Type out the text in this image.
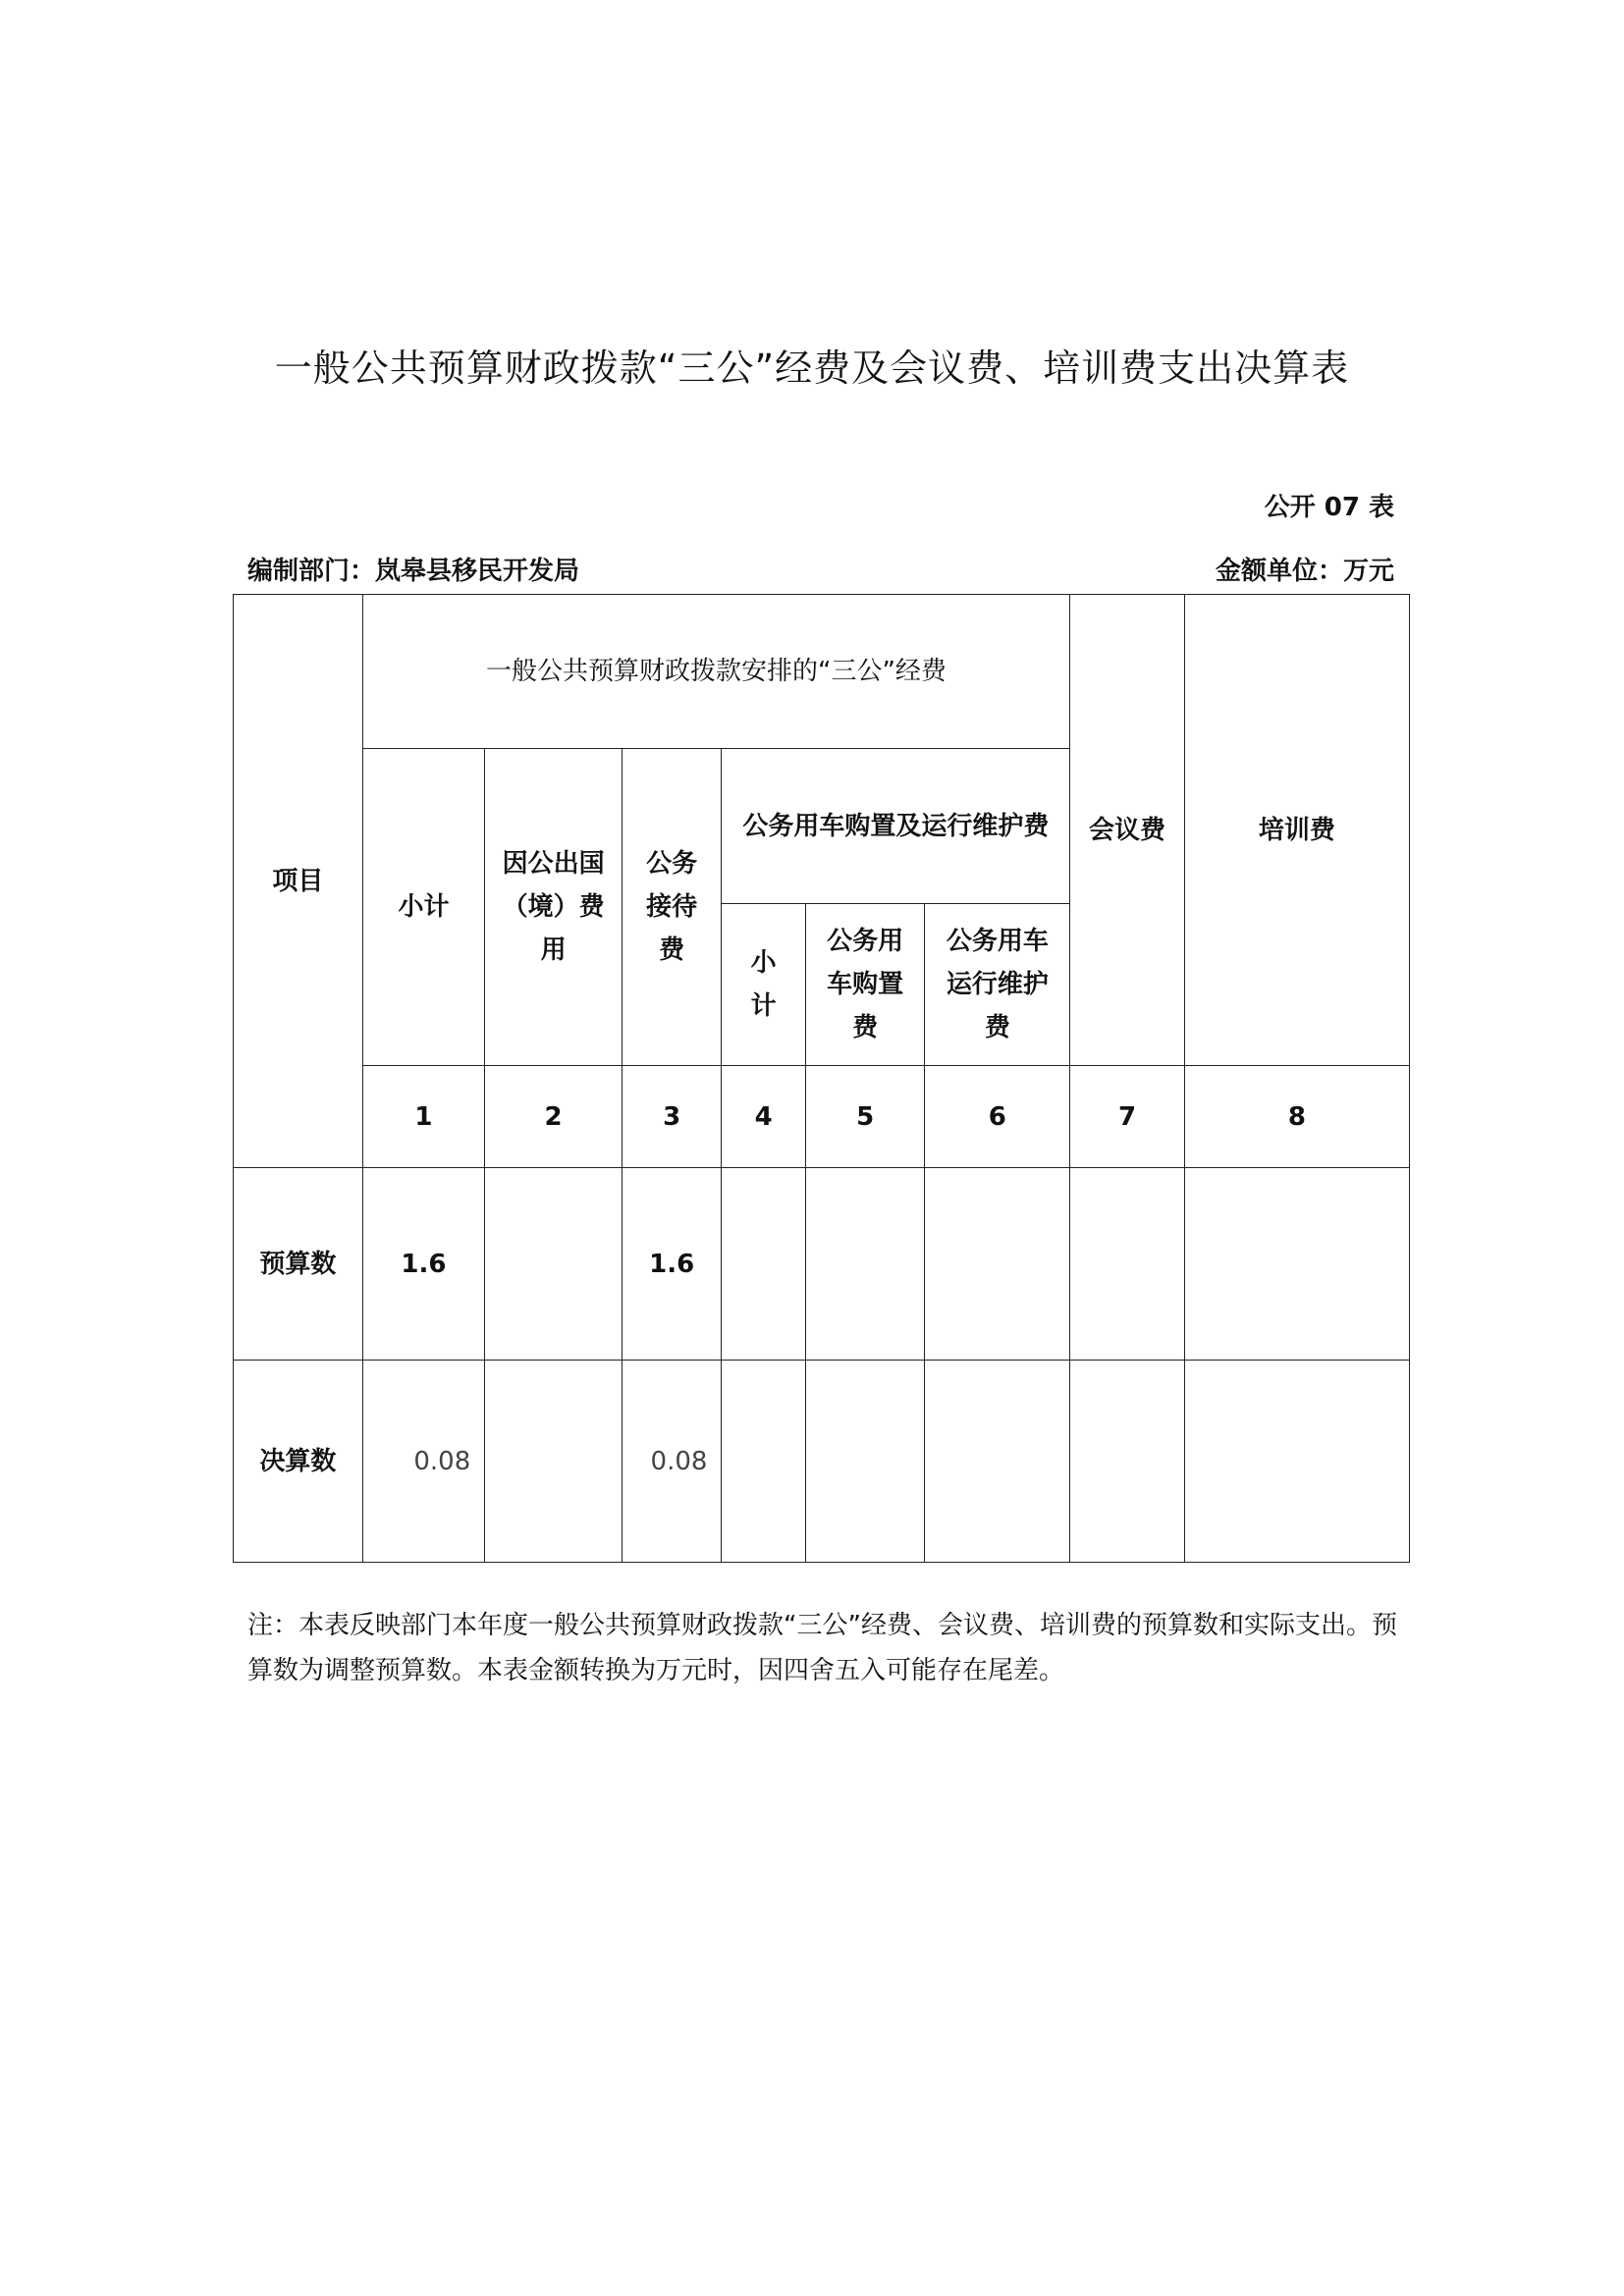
一般公共预算财政拨款“三公”经费及会议费、培训费支出决算表
公开 07 表
编制部门：岚皋县移民开发局	金额单位：万元
项目	一般公共预算财政拨款安排的“三公”经费						会议费	培训费
	小计	因公出国（境）费用	公务接待费	公务用车购置及运行维护费				
				小计	公务用车购置费	公务用车运行维护费		
	1	2	3	4	5	6	7	8
预算数	1.6		1.6					
决算数	0.08		0.08					
注：本表反映部门本年度一般公共预算财政拨款“三公”经费、会议费、培训费的预算数和实际支出。预算数为调整预算数。本表金额转换为万元时，因四舍五入可能存在尾差。
